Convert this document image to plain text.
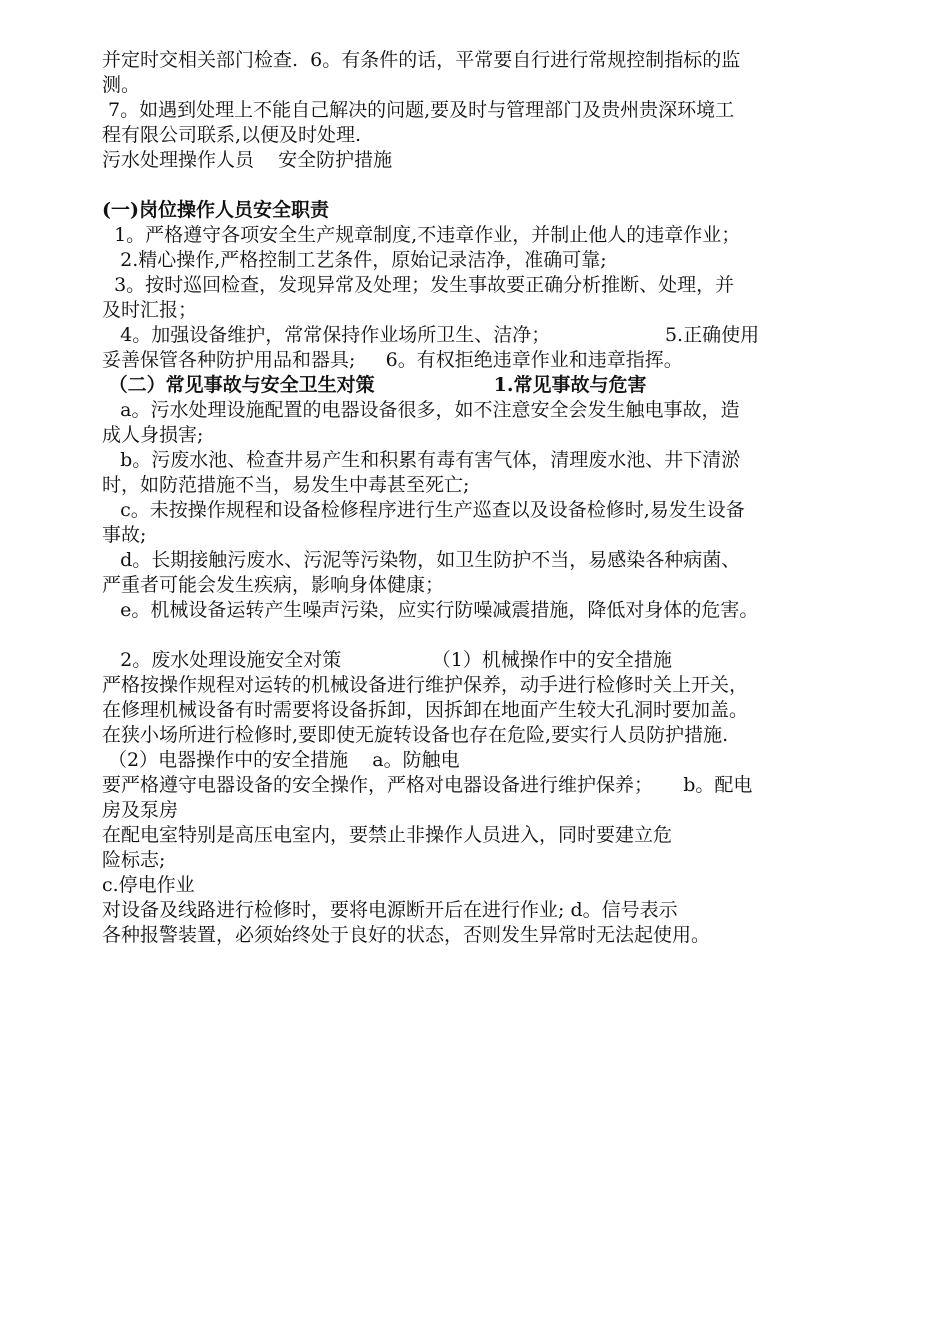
并定时交相关部门检查.  6。有条件的话，平常要自行进行常规控制指标的监

测。

7。如遇到处理上不能自己解决的问题,要及时与管理部门及贵州贵深环境工

程有限公司联系,以便及时处理.

污水处理操作人员    安全防护措施

(一)岗位操作人员安全职责

1。严格遵守各项安全生产规章制度,不违章作业，并制止他人的违章作业；

2.精心操作,严格控制工艺条件，原始记录洁净，准确可靠;

3。按时巡回检查，发现异常及处理；发生事故要正确分析推断、处理，并

及时汇报；

4。加强设备维护，常常保持作业场所卫生、洁净；                   5.正确使用

妥善保管各种防护用品和器具;     6。有权拒绝违章作业和违章指挥。

（二）常见事故与安全卫生对策                  1.常见事故与危害

a。污水处理设施配置的电器设备很多，如不注意安全会发生触电事故，造

成人身损害;

b。污废水池、检查井易产生和积累有毒有害气体，清理废水池、井下清淤

时，如防范措施不当，易发生中毒甚至死亡;

c。未按操作规程和设备检修程序进行生产巡查以及设备检修时,易发生设备

事故;

d。长期接触污废水、污泥等污染物，如卫生防护不当，易感染各种病菌、

严重者可能会发生疾病，影响身体健康；

e。机械设备运转产生噪声污染，应实行防噪减震措施，降低对身体的危害。

2。废水处理设施安全对策               （1）机械操作中的安全措施

严格按操作规程对运转的机械设备进行维护保养，动手进行检修时关上开关，

在修理机械设备有时需要将设备拆卸，因拆卸在地面产生较大孔洞时要加盖。

在狭小场所进行检修时,要即使无旋转设备也存在危险,要实行人员防护措施.

（2）电器操作中的安全措施    a。防触电

要严格遵守电器设备的安全操作，严格对电器设备进行维护保养；     b。配电

房及泵房

在配电室特别是高压电室内，要禁止非操作人员进入，同时要建立危

险标志;

c.停电作业

对设备及线路进行检修时，要将电源断开后在进行作业; d。信号表示

各种报警装置，必须始终处于良好的状态，否则发生异常时无法起使用。
